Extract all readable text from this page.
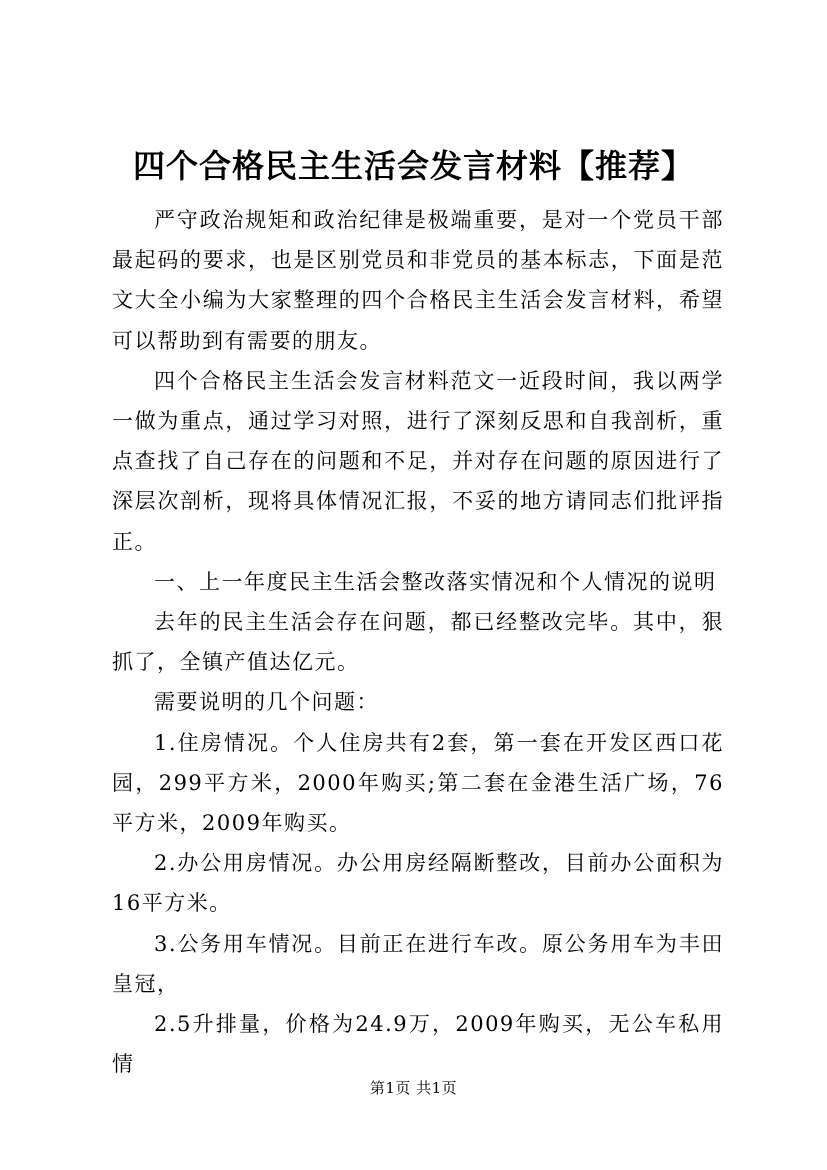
四个合格民主生活会发言材料【推荐】

严守政治规矩和政治纪律是极端重要，是对一个党员干部最起码的要求，也是区别党员和非党员的基本标志，下面是范文大全小编为大家整理的四个合格民主生活会发言材料，希望可以帮助到有需要的朋友。

四个合格民主生活会发言材料范文一近段时间，我以两学一做为重点，通过学习对照，进行了深刻反思和自我剖析，重点查找了自己存在的问题和不足，并对存在问题的原因进行了深层次剖析，现将具体情况汇报，不妥的地方请同志们批评指正。

一、上一年度民主生活会整改落实情况和个人情况的说明

去年的民主生活会存在问题，都已经整改完毕。其中，狠抓了，全镇产值达亿元。

需要说明的几个问题：

1.住房情况。个人住房共有2套，第一套在开发区西口花园，299平方米，2000年购买;第二套在金港生活广场，76平方米，2009年购买。

2.办公用房情况。办公用房经隔断整改，目前办公面积为16平方米。

3.公务用车情况。目前正在进行车改。原公务用车为丰田皇冠，

2.5升排量，价格为24.9万，2009年购买，无公车私用情

第1页 共1页
